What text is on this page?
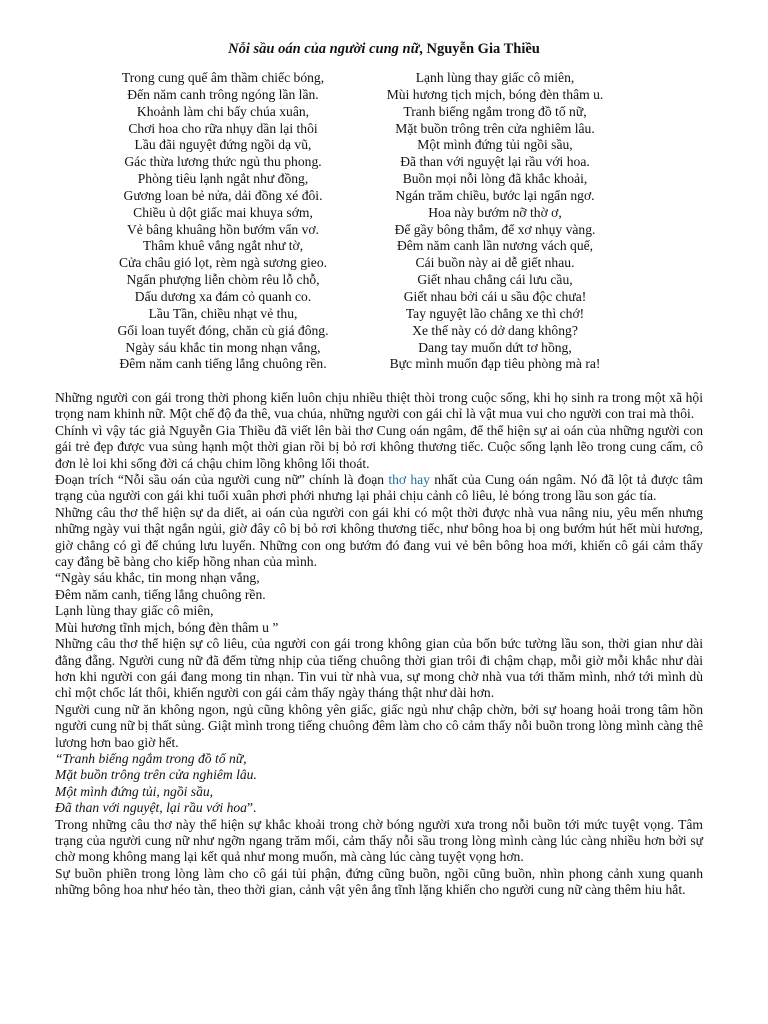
Nỗi sầu oán của người cung nữ, Nguyễn Gia Thiều
Trong cung quế âm thầm chiếc bóng,
Đến năm canh trông ngóng lần lần.
Khoảnh làm chi bấy chúa xuân,
Chơi hoa cho rữa nhụy dần lại thôi
Lầu đãi nguyệt đứng ngồi dạ vũ,
Gác thừa lương thức ngủ thu phong.
Phòng tiêu lạnh ngắt như đồng,
Gương loan bẻ nửa, dải đồng xé đôi.
Chiều ủ dột giấc mai khuya sớm,
Vẻ bâng khuâng hồn bướm vẩn vơ.
Thâm khuê vắng ngắt như tờ,
Cửa châu gió lọt, rèm ngà sương gieo.
Ngấn phượng liễn chòm rêu lỗ chỗ,
Dấu dương xa đám cỏ quanh co.
Lầu Tần, chiều nhạt vẻ thu,
Gối loan tuyết đóng, chăn cù giá đông.
Ngày sáu khắc tin mong nhạn vắng,
Đêm năm canh tiếng lắng chuông rền.
Lạnh lùng thay giấc cô miên,
Mùi hương tịch mịch, bóng đèn thâm u.
Tranh biếng ngắm trong đồ tố nữ,
Mặt buồn trông trên cửa nghiêm lâu.
Một mình đứng tủi ngồi sầu,
Đã than với nguyệt lại rầu với hoa.
Buồn mọi nỗi lòng đã khắc khoải,
Ngán trăm chiều, bước lại ngẩn ngơ.
Hoa này bướm nỡ thờ ơ,
Để gầy bông thắm, để xơ nhụy vàng.
Đêm năm canh lần nương vách quế,
Cái buồn này ai dễ giết nhau.
Giết nhau chẳng cái lưu cầu,
Giết nhau bởi cái u sầu độc chưa!
Tay nguyệt lão chẳng xe thì chớ!
Xe thế này có dở dang không?
Dang tay muốn dứt tơ hồng,
Bực mình muốn đạp tiêu phòng mà ra!

Những người con gái trong thời phong kiến luôn chịu nhiều thiệt thòi trong cuộc sống, khi họ sinh ra trong một xã hội trọng nam khinh nữ. Một chế độ đa thê, vua chúa, những người con gái chỉ là vật mua vui cho người con trai mà thôi.

Chính vì vậy tác giả Nguyễn Gia Thiều đã viết lên bài thơ Cung oán ngâm, để thể hiện sự ai oán của những người con gái trẻ đẹp được vua sủng hạnh một thời gian rồi bị bỏ rơi không thương tiếc. Cuộc sống lạnh lẽo trong cung cấm, cô đơn lẻ loi khi sống đời cá chậu chim lồng không lối thoát.

Đoạn trích “Nỗi sầu oán của người cung nữ” chính là đoạn thơ hay nhất của Cung oán ngâm. Nó đã lột tả được tâm trạng của người con gái khi tuổi xuân phơi phới nhưng lại phải chịu cảnh cô liêu, lẻ bóng trong lầu son gác tía.

Những câu thơ thể hiện sự da diết, ai oán của người con gái khi có một thời được nhà vua nâng niu, yêu mến nhưng những ngày vui thật ngắn ngủi, giờ đây cô bị bỏ rơi không thương tiếc, như bông hoa bị ong bướm hút hết mùi hương, giờ chẳng có gì để chúng lưu luyến. Những con ong bướm đó đang vui vẻ bên bông hoa mới, khiến cô gái cảm thấy cay đắng bẽ bàng cho kiếp hồng nhan của mình.

“Ngày sáu khắc, tin mong nhạn vắng,

Đêm năm canh, tiếng lắng chuông rền.

Lạnh lùng thay giấc cô miên,

Mùi hương tĩnh mịch, bóng đèn thâm u ”

Những câu thơ thể hiện sự cô liêu, của người con gái trong không gian của bốn bức tường lầu son, thời gian như dài đằng đẵng. Người cung nữ đã đếm từng nhịp của tiếng chuông thời gian trôi đi chậm chạp, mỗi giờ mỗi khắc như dài hơn khi người con gái đang mong tin nhạn. Tin vui từ nhà vua, sự mong chờ nhà vua tới thăm mình, nhớ tới mình dù chỉ một chốc lát thôi, khiến người con gái cảm thấy ngày tháng thật như dài hơn.

Người cung nữ ăn không ngon, ngủ cũng không yên giấc, giấc ngủ như chập chờn, bởi sự hoang hoải trong tâm hồn người cung nữ bị thất sủng. Giật mình trong tiếng chuông đêm làm cho cô cảm thấy nỗi buồn trong lòng mình càng thê lương hơn bao giờ hết.

“Tranh biếng ngắm trong đồ tố nữ,

Mặt buồn trông trên cửa nghiêm lâu.

Một mình đứng tủi, ngồi sầu,

Đã than với nguyệt, lại rầu với hoa”.

Trong những câu thơ này thể hiện sự khắc khoải trong chờ bóng người xưa trong nỗi buồn tới mức tuyệt vọng. Tâm trạng của người cung nữ như ngỡn ngang trăm mối, cảm thấy nỗi sầu trong lòng mình càng lúc càng nhiều hơn bởi sự chờ mong không mang lại kết quả như mong muốn, mà càng lúc càng tuyệt vọng hơn.

Sự buồn phiền trong lòng làm cho cô gái tủi phận, đứng cũng buồn, ngồi cũng buồn, nhìn phong cảnh xung quanh những bông hoa như héo tàn, theo thời gian, cảnh vật yên ắng tĩnh lặng khiến cho người cung nữ càng thêm hiu hắt.
